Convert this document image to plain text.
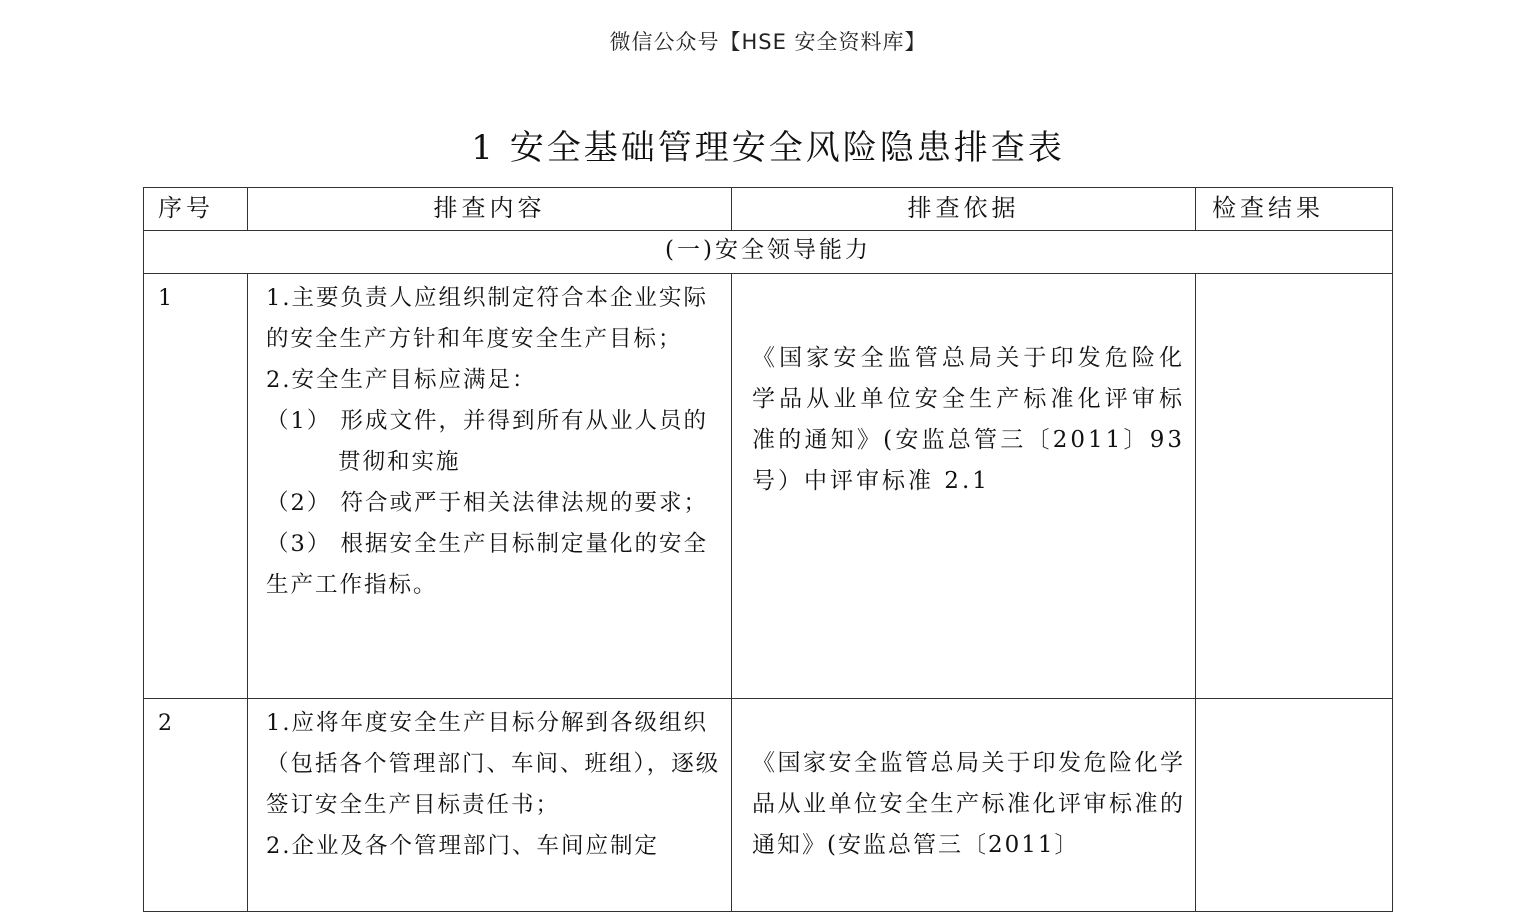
微信公众号【HSE 安全资料库】
1 安全基础管理安全风险隐患排查表
序号	排查内容	排查依据	检查结果
(一)安全领导能力			
1	1.主要负责人应组织制定符合本企业实际的安全生产方针和年度安全生产目标；
2.安全生产目标应满足：
（1） 形成文件，并得到所有从业人员的贯彻和实施
（2） 符合或严于相关法律法规的要求；
（3） 根据安全生产目标制定量化的安全生产工作指标。	《国家安全监管总局关于印发危险化学品从业单位安全生产标准化评审标准的通知》(安监总管三〔2011〕93　号）中评审标准 2.1	

2	1.应将年度安全生产目标分解到各级组织（包括各个管理部门、车间、班组），逐级签订安全生产目标责任书；
2.企业及各个管理部门、车间应制定	《国家安全监管总局关于印发危险化学品从业单位安全生产标准化评审标准的通知》(安监总管三〔2011〕	
